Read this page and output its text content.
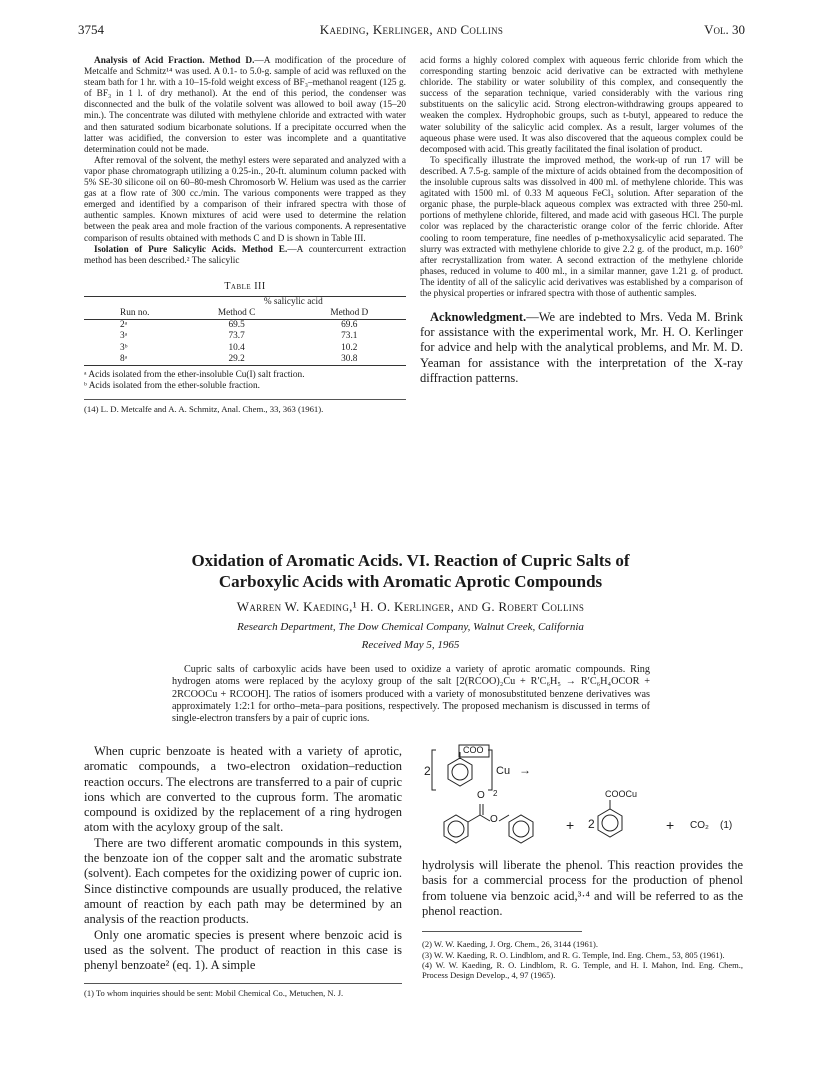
3754	Kaeding, Kerlinger, and Collins	Vol. 30

Analysis of Acid Fraction. Method D.—A modification of the procedure of Metcalfe and Schmitz¹⁴ was used. A 0.1- to 5.0-g. sample of acid was refluxed on the steam bath for 1 hr. with a 10–15-fold weight excess of BF₃–methanol reagent (125 g. of BF₃ in 1 l. of dry methanol). At the end of this period, the condenser was disconnected and the bulk of the volatile solvent was allowed to boil away (15–20 min.). The concentrate was diluted with methylene chloride and extracted with water and then saturated sodium bicarbonate solutions. If a precipitate occurred when the latter was acidified, the conversion to ester was incomplete and a quantitative determination could not be made.

After removal of the solvent, the methyl esters were separated and analyzed with a vapor phase chromatograph utilizing a 0.25-in., 20-ft. aluminum column packed with 5% SE-30 silicone oil on 60–80-mesh Chromosorb W. Helium was used as the carrier gas at a flow rate of 300 cc./min. The various components were trapped as they emerged and identified by a comparison of their infrared spectra with those of authentic samples. Known mixtures of acid were used to determine the relation between the peak area and mole fraction of the various components. A representative comparison of results obtained with methods C and D is shown in Table III.

Isolation of Pure Salicylic Acids. Method E.—A countercurrent extraction method has been described.² The salicylic

Table III
	% salicylic acid	
Run no.	Method C	Method D
2ᵃ	69.5	69.6
3ᵃ	73.7	73.1
3ᵇ	10.4	10.2
8ᵃ	29.2	30.8
ᵃ Acids isolated from the ether-insoluble Cu(I) salt fraction.
ᵇ Acids isolated from the ether-soluble fraction.
(14) L. D. Metcalfe and A. A. Schmitz, Anal. Chem., 33, 363 (1961).

acid forms a highly colored complex with aqueous ferric chloride from which the corresponding starting benzoic acid derivative can be extracted with methylene chloride. The stability or water solubility of this complex, and consequently the success of the separation technique, varied considerably with the various ring substituents on the salicylic acid. Strong electron-withdrawing groups appeared to weaken the complex. Hydrophobic groups, such as t-butyl, appeared to reduce the water solubility of the salicylic acid complex. As a result, larger volumes of the aqueous phase were used. It was also discovered that the aqueous complex could be decomposed with acid. This greatly facilitated the final isolation of product.

To specifically illustrate the improved method, the work-up of run 17 will be described. A 7.5-g. sample of the mixture of acids obtained from the decomposition of the insoluble cuprous salts was dissolved in 400 ml. of methylene chloride. This was agitated with 1500 ml. of 0.33 M aqueous FeCl₃ solution. After separation of the organic phase, the purple-black aqueous complex was extracted with three 250-ml. portions of methylene chloride, filtered, and made acid with gaseous HCl. The purple color was replaced by the characteristic orange color of the ferric chloride. After cooling to room temperature, fine needles of p-methoxysalicylic acid separated. The slurry was extracted with methylene chloride to give 2.2 g. of the product, m.p. 160° after recrystallization from water. A second extraction of the methylene chloride phases, reduced in volume to 400 ml., in a similar manner, gave 1.21 g. of product. The identity of all of the salicylic acid derivatives was established by a comparison of the physical properties or infrared spectra with those of authentic samples.

Acknowledgment.—We are indebted to Mrs. Veda M. Brink for assistance with the experimental work, Mr. H. O. Kerlinger for advice and help with the analytical problems, and Mr. M. D. Yeaman for assistance with the interpretation of the X-ray diffraction patterns.
Oxidation of Aromatic Acids. VI. Reaction of Cupric Salts of
Carboxylic Acids with Aromatic Aprotic Compounds
Warren W. Kaeding,¹ H. O. Kerlinger, and G. Robert Collins
Research Department, The Dow Chemical Company, Walnut Creek, California
Received May 5, 1965
Cupric salts of carboxylic acids have been used to oxidize a variety of aprotic aromatic compounds. Ring hydrogen atoms were replaced by the acyloxy group of the salt [2(RCOO)₂Cu + R′C₆H₅ → R′C₆H₄OCOR + 2RCOOCu + RCOOH]. The ratios of isomers produced with a variety of monosubstituted benzene derivatives was approximately 1:2:1 for ortho–meta–para positions, respectively. The proposed mechanism is discussed in terms of single-electron transfers by a pair of cupric ions.

When cupric benzoate is heated with a variety of aprotic, aromatic compounds, a two-electron oxidation–reduction reaction occurs. The electrons are transferred to a pair of cupric ions which are converted to the cuprous form. The aromatic compound is oxidized by the replacement of a ring hydrogen atom with the acyloxy group of the salt.

There are two different aromatic compounds in this system, the benzoate ion of the copper salt and the aromatic substrate (solvent). Each competes for the oxidizing power of cupric ion. Since distinctive compounds are usually produced, the relative amount of reaction by each path may be determined by an analysis of the reaction products.

Only one aromatic species is present where benzoic acid is used as the solvent. The product of reaction in this case is phenyl benzoate² (eq. 1). A simple

(1) To whom inquiries should be sent: Mobil Chemical Co., Metuchen, N. J.

2
COO
Cu →
2
O
O	+ 2
COOCu
+ CO₂ (1)

hydrolysis will liberate the phenol. This reaction provides the basis for a commercial process for the production of phenol from toluene via benzoic acid,³·⁴ and will be referred to as the phenol reaction.

(2) W. W. Kaeding, J. Org. Chem., 26, 3144 (1961).
(3) W. W. Kaeding, R. O. Lindblom, and R. G. Temple, Ind. Eng. Chem., 53, 805 (1961).
(4) W. W. Kaeding, R. O. Lindblom, R. G. Temple, and H. I. Mahon, Ind. Eng. Chem., Process Design Develop., 4, 97 (1965).
